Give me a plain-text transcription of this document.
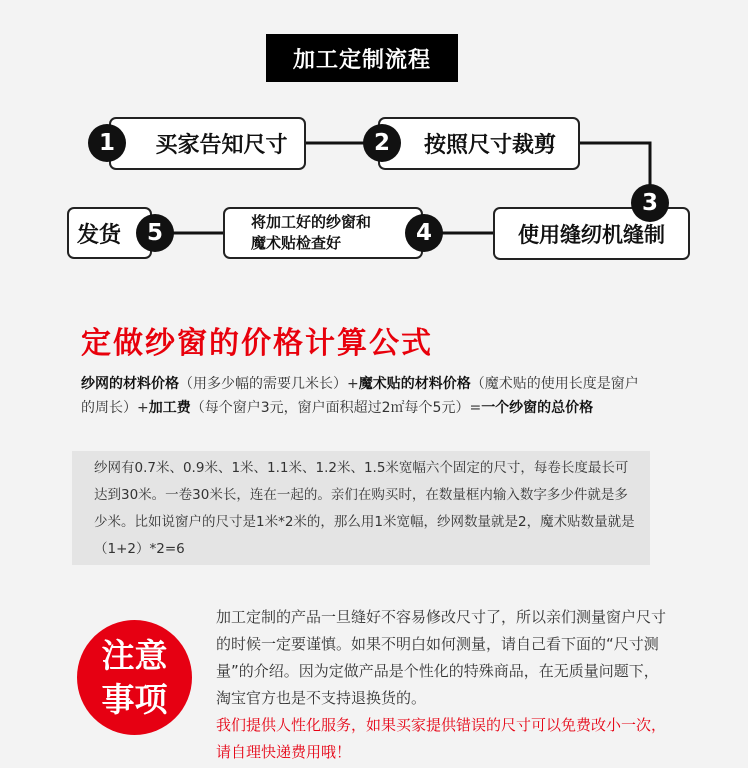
加工定制流程
买家告知尺寸
1	按照尺寸裁剪
2
使用缝纫机缝制
3
将加工好的纱窗和
魔术贴检查好	4
发货	5
定做纱窗的价格计算公式
纱网的材料价格（用多少幅的需要几米长）+魔术贴的材料价格（魔术贴的使用长度是窗户的周长）+加工费（每个窗户3元，窗户面积超过2㎡每个5元）=一个纱窗的总价格
纱网有0.7米、0.9米、1米、1.1米、1.2米、1.5米宽幅六个固定的尺寸，每卷长度最长可达到30米。一卷30米长，连在一起的。亲们在购买时，在数量框内输入数字多少件就是多少米。比如说窗户的尺寸是1米*2米的，那么用1米宽幅，纱网数量就是2，魔术贴数量就是（1+2）*2=6
注意
事项
加工定制的产品一旦缝好不容易修改尺寸了，所以亲们测量窗户尺寸的时候一定要谨慎。如果不明白如何测量，请自己看下面的“尺寸测量”的介绍。因为定做产品是个性化的特殊商品，在无质量问题下，淘宝官方也是不支持退换货的。
我们提供人性化服务，如果买家提供错误的尺寸可以免费改小一次，请自理快递费用哦！
